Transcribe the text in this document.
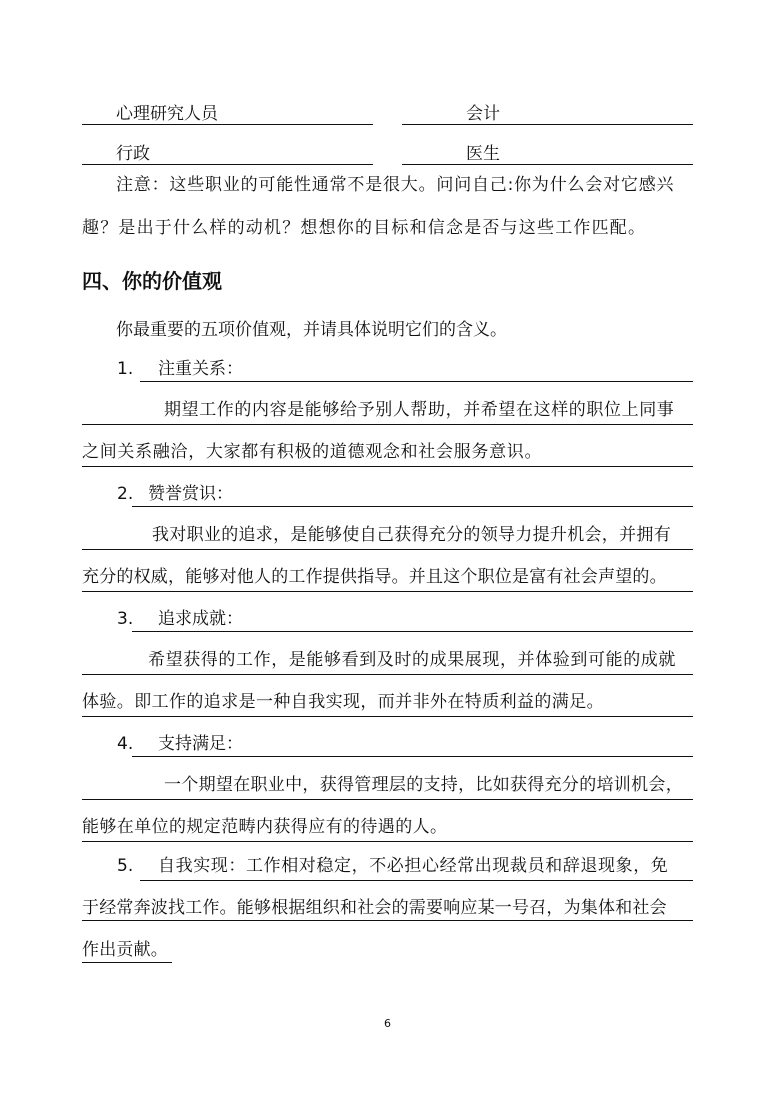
心理研究人员	会计
行政	医生
注意：这些职业的可能性通常不是很大。问问自己:你为什么会对它感兴
趣？是出于什么样的动机？想想你的目标和信念是否与这些工作匹配。
四、你的价值观
你最重要的五项价值观，并请具体说明它们的含义。
1. 注重关系：
期望工作的内容是能够给予别人帮助，并希望在这样的职位上同事
之间关系融洽，大家都有积极的道德观念和社会服务意识。
2. 赞誉赏识：
我对职业的追求，是能够使自己获得充分的领导力提升机会，并拥有
充分的权威，能够对他人的工作提供指导。并且这个职位是富有社会声望的。
3. 追求成就：
希望获得的工作，是能够看到及时的成果展现，并体验到可能的成就
体验。即工作的追求是一种自我实现，而并非外在特质利益的满足。
4. 支持满足：
一个期望在职业中，获得管理层的支持，比如获得充分的培训机会，
能够在单位的规定范畴内获得应有的待遇的人。
5. 自我实现：工作相对稳定，不必担心经常出现裁员和辞退现象，免
于经常奔波找工作。能够根据组织和社会的需要响应某一号召，为集体和社会
作出贡献。
6
